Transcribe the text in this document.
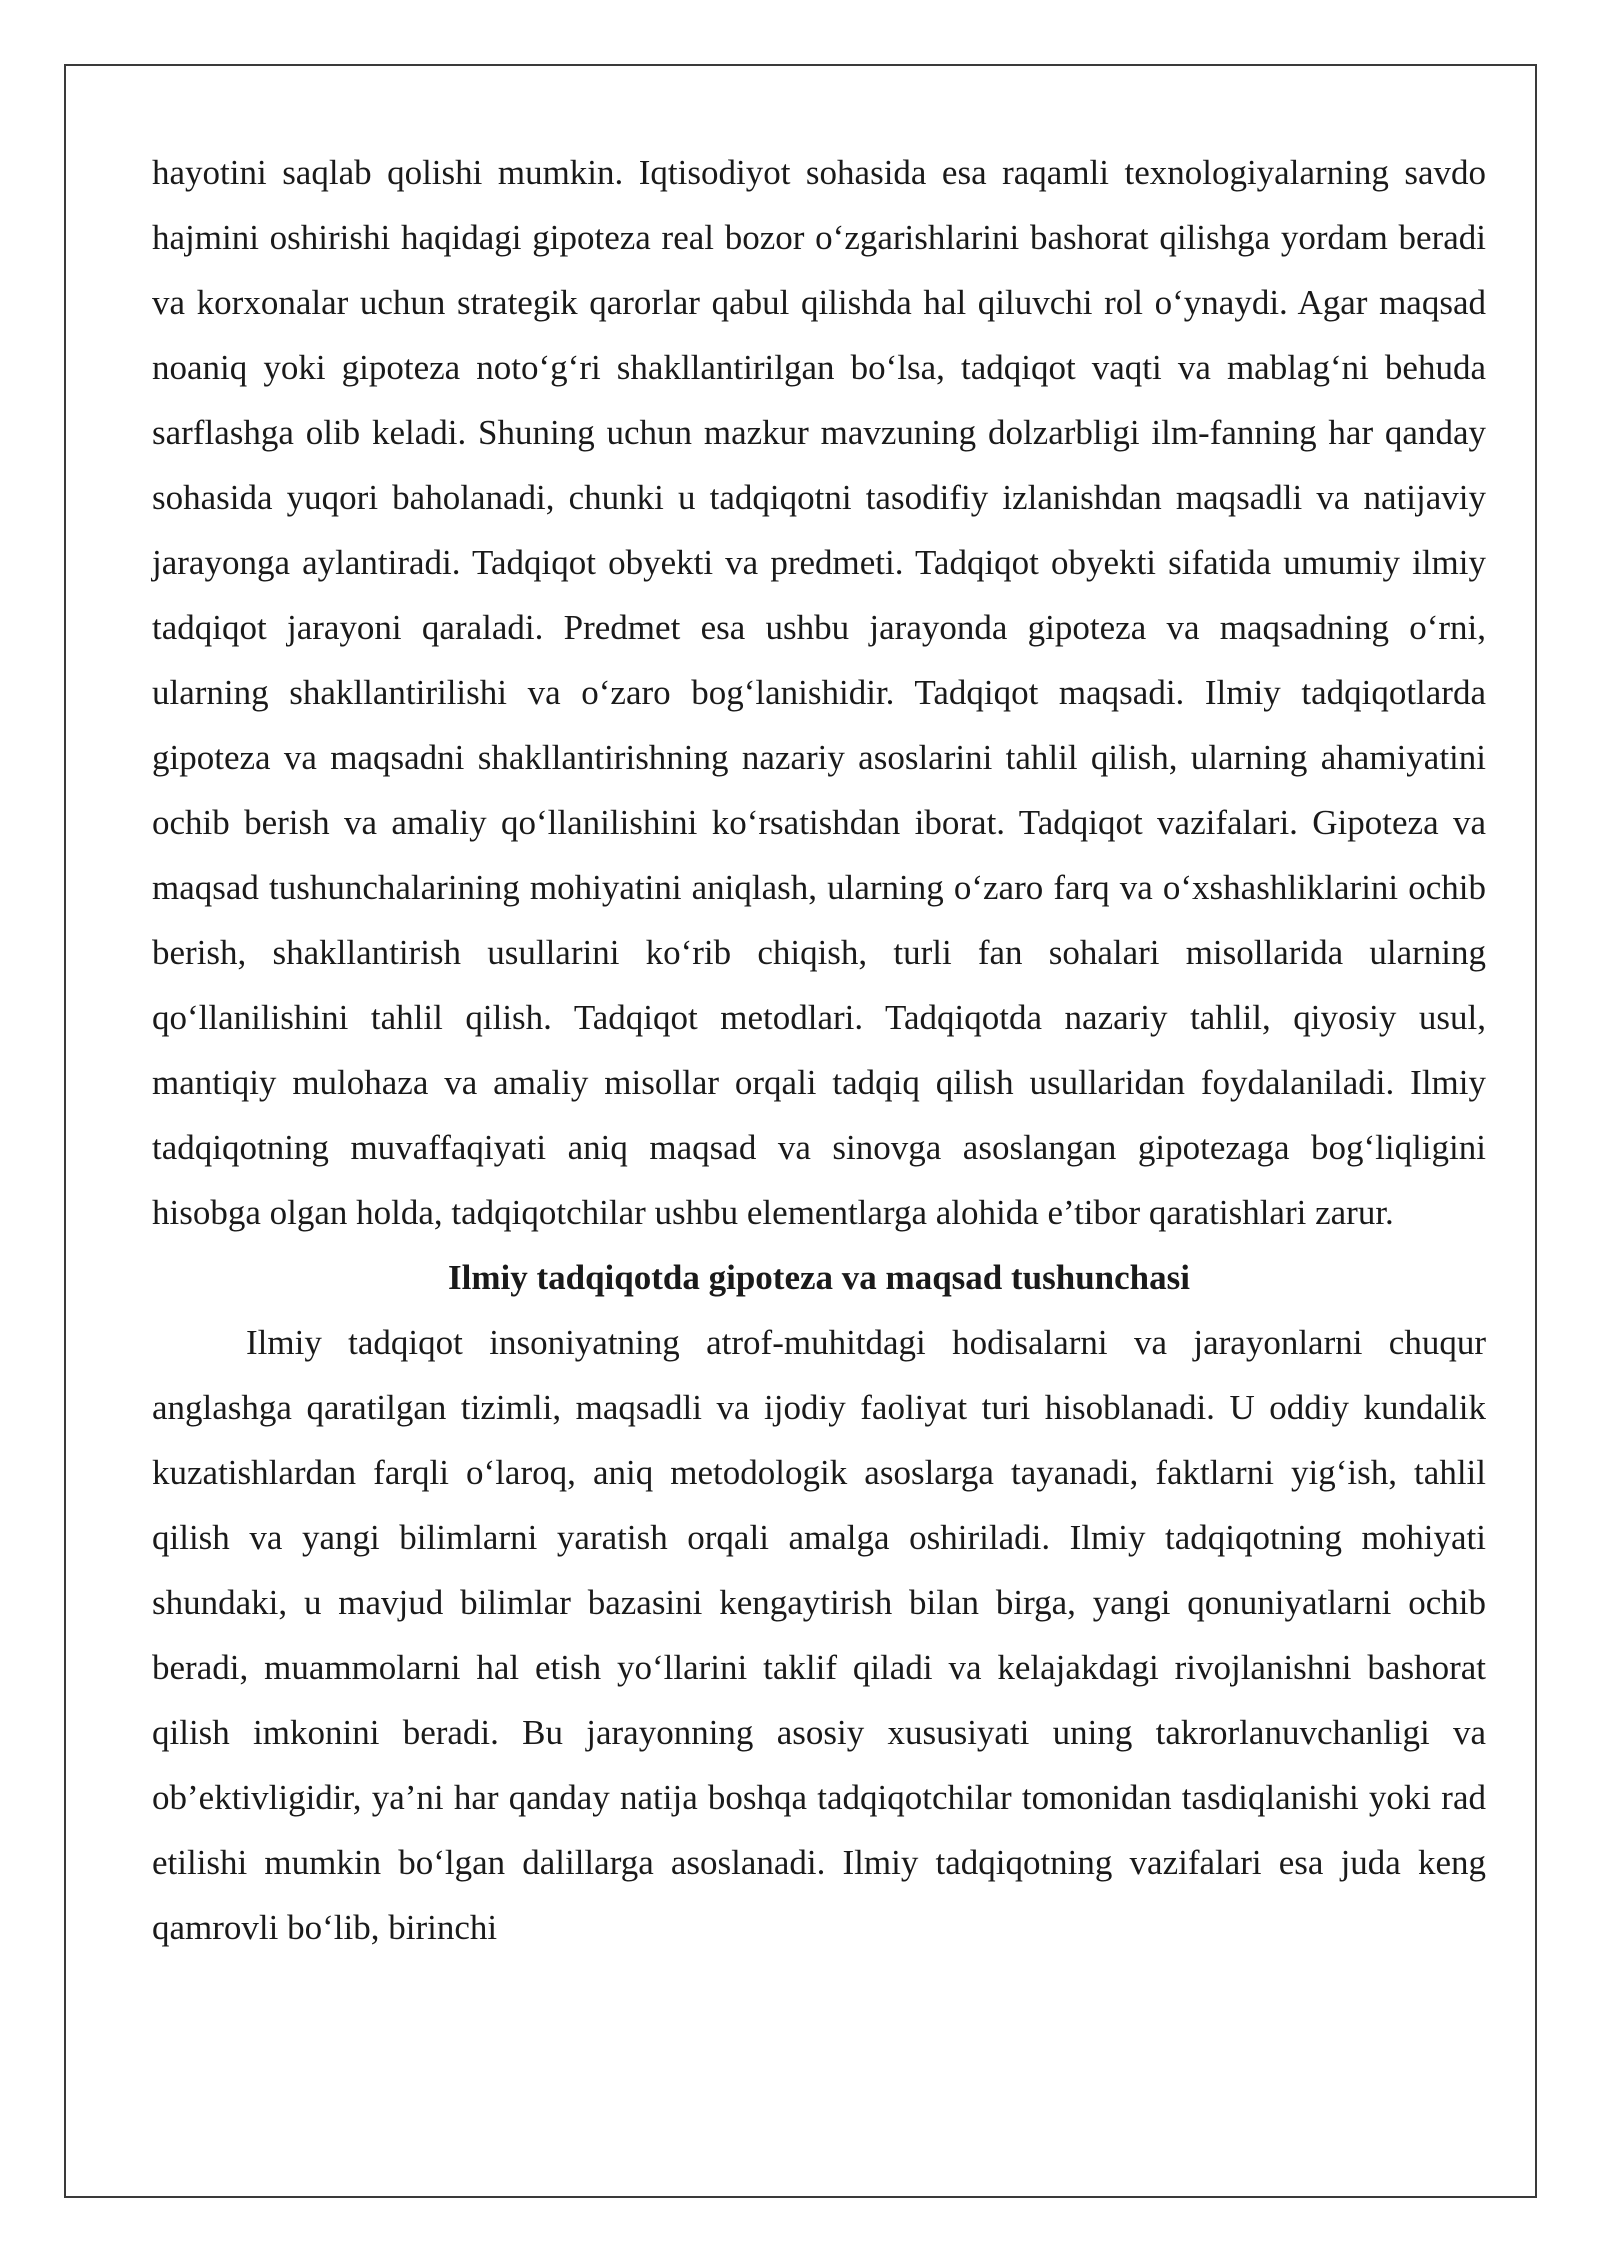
hayotini saqlab qolishi mumkin. Iqtisodiyot sohasida esa raqamli texnologiyalarning savdo hajmini oshirishi haqidagi gipoteza real bozor o‘zgarishlarini bashorat qilishga yordam beradi va korxonalar uchun strategik qarorlar qabul qilishda hal qiluvchi rol o‘ynaydi. Agar maqsad noaniq yoki gipoteza noto‘g‘ri shakllantirilgan bo‘lsa, tadqiqot vaqti va mablag‘ni behuda sarflashga olib keladi. Shuning uchun mazkur mavzuning dolzarbligi ilm-fanning har qanday sohasida yuqori baholanadi, chunki u tadqiqotni tasodifiy izlanishdan maqsadli va natijaviy jarayonga aylantiradi. Tadqiqot obyekti va predmeti. Tadqiqot obyekti sifatida umumiy ilmiy tadqiqot jarayoni qaraladi. Predmet esa ushbu jarayonda gipoteza va maqsadning o‘rni, ularning shakllantirilishi va o‘zaro bog‘lanishidir. Tadqiqot maqsadi. Ilmiy tadqiqotlarda gipoteza va maqsadni shakllantirishning nazariy asoslarini tahlil qilish, ularning ahamiyatini ochib berish va amaliy qo‘llanilishini ko‘rsatishdan iborat. Tadqiqot vazifalari. Gipoteza va maqsad tushunchalarining mohiyatini aniqlash, ularning o‘zaro farq va o‘xshashliklarini ochib berish, shakllantirish usullarini ko‘rib chiqish, turli fan sohalari misollarida ularning qo‘llanilishini tahlil qilish. Tadqiqot metodlari. Tadqiqotda nazariy tahlil, qiyosiy usul, mantiqiy mulohaza va amaliy misollar orqali tadqiq qilish usullaridan foydalaniladi. Ilmiy tadqiqotning muvaffaqiyati aniq maqsad va sinovga asoslangan gipotezaga bog‘liqligini hisobga olgan holda, tadqiqotchilar ushbu elementlarga alohida e’tibor qaratishlari zarur.

Ilmiy tadqiqotda gipoteza va maqsad tushunchasi

Ilmiy tadqiqot insoniyatning atrof-muhitdagi hodisalarni va jarayonlarni chuqur anglashga qaratilgan tizimli, maqsadli va ijodiy faoliyat turi hisoblanadi. U oddiy kundalik kuzatishlardan farqli o‘laroq, aniq metodologik asoslarga tayanadi, faktlarni yig‘ish, tahlil qilish va yangi bilimlarni yaratish orqali amalga oshiriladi. Ilmiy tadqiqotning mohiyati shundaki, u mavjud bilimlar bazasini kengaytirish bilan birga, yangi qonuniyatlarni ochib beradi, muammolarni hal etish yo‘llarini taklif qiladi va kelajakdagi rivojlanishni bashorat qilish imkonini beradi. Bu jarayonning asosiy xususiyati uning takrorlanuvchanligi va ob’ektivligidir, ya’ni har qanday natija boshqa tadqiqotchilar tomonidan tasdiqlanishi yoki rad etilishi mumkin bo‘lgan dalillarga asoslanadi. Ilmiy tadqiqotning vazifalari esa juda keng qamrovli bo‘lib, birinchi
